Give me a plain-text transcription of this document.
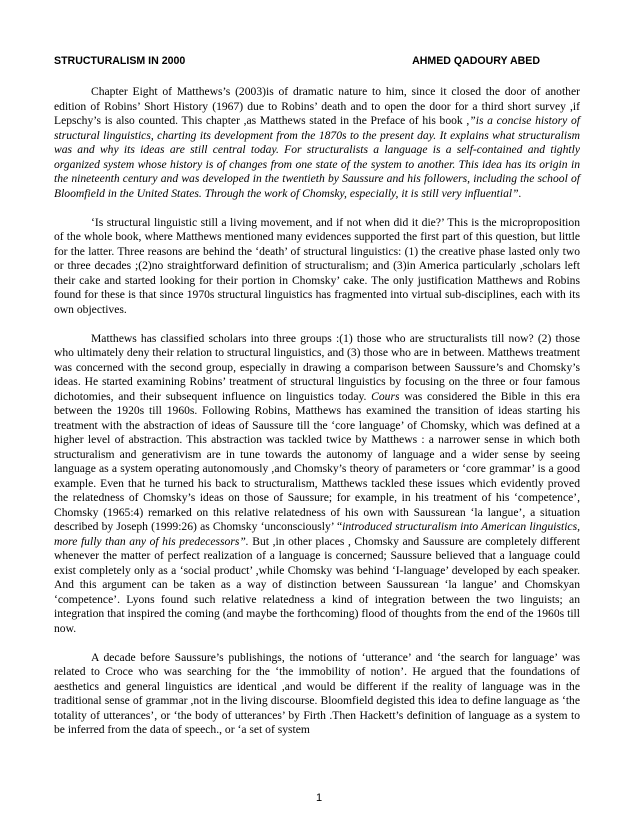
STRUCTURALISM IN 2000	AHMED QADOURY ABED

Chapter Eight of Matthews’s (2003)is of dramatic nature to him, since it closed the door of another edition of Robins’ Short History (1967) due to Robins’ death and to open the door for a third short survey ,if Lepschy’s is also counted. This chapter ,as Matthews stated in the Preface of his book ,”is a concise history of structural linguistics, charting its development from the 1870s to the present day. It explains what structuralism was and why its ideas are still central today. For structuralists a language is a self-contained and tightly organized system whose history is of changes from one state of the system to another. This idea has its origin in the nineteenth century and was developed in the twentieth by Saussure and his followers, including the school of Bloomfield in the United States. Through the work of Chomsky, especially, it is still very influential”.

‘Is structural linguistic still a living movement, and if not when did it die?’ This is the microproposition of the whole book, where Matthews mentioned many evidences supported the first part of this question, but little for the latter. Three reasons are behind the ‘death’ of structural linguistics: (1) the creative phase lasted only two or three decades ;(2)no straightforward definition of structuralism; and (3)in America particularly ,scholars left their cake and started looking for their portion in Chomsky’ cake. The only justification Matthews and Robins found for these is that since 1970s structural linguistics has fragmented into virtual sub-disciplines, each with its own objectives.

Matthews has classified scholars into three groups :(1) those who are structuralists till now? (2) those who ultimately deny their relation to structural linguistics, and (3) those who are in between. Matthews treatment was concerned with the second group, especially in drawing a comparison between Saussure’s and Chomsky’s ideas. He started examining Robins’ treatment of structural linguistics by focusing on the three or four famous dichotomies, and their subsequent influence on linguistics today. Cours was considered the Bible in this era between the 1920s till 1960s. Following Robins, Matthews has examined the transition of ideas starting his treatment with the abstraction of ideas of Saussure till the ‘core language’ of Chomsky, which was defined at a higher level of abstraction. This abstraction was tackled twice by Matthews : a narrower sense in which both structuralism and generativism are in tune towards the autonomy of language and a wider sense by seeing language as a system operating autonomously ,and Chomsky’s theory of parameters or ‘core grammar’ is a good example. Even that he turned his back to structuralism, Matthews tackled these issues which evidently proved the relatedness of Chomsky’s ideas on those of Saussure; for example, in his treatment of his ‘competence’, Chomsky (1965:4) remarked on this relative relatedness of his own with Saussurean ‘la langue’, a situation described by Joseph (1999:26) as Chomsky ‘unconsciously’ “introduced structuralism into American linguistics, more fully than any of his predecessors”. But ,in other places , Chomsky and Saussure are completely different whenever the matter of perfect realization of a language is concerned; Saussure believed that a language could exist completely only as a ‘social product’ ,while Chomsky was behind ‘I-language’ developed by each speaker. And this argument can be taken as a way of distinction between Saussurean ‘la langue’ and Chomskyan ‘competence’. Lyons found such relative relatedness a kind of integration between the two linguists; an integration that inspired the coming (and maybe the forthcoming) flood of thoughts from the end of the 1960s till now.

A decade before Saussure’s publishings, the notions of ‘utterance’ and ‘the search for language’ was related to Croce who was searching for the ‘the immobility of notion’. He argued that the foundations of aesthetics and general linguistics are identical ,and would be different if the reality of language was in the traditional sense of grammar ,not in the living discourse. Bloomfield degisted this idea to define language as ‘the totality of utterances’, or ‘the body of utterances’ by Firth .Then Hackett’s definition of language as a system to be inferred from the data of speech., or ‘a set of system

1
